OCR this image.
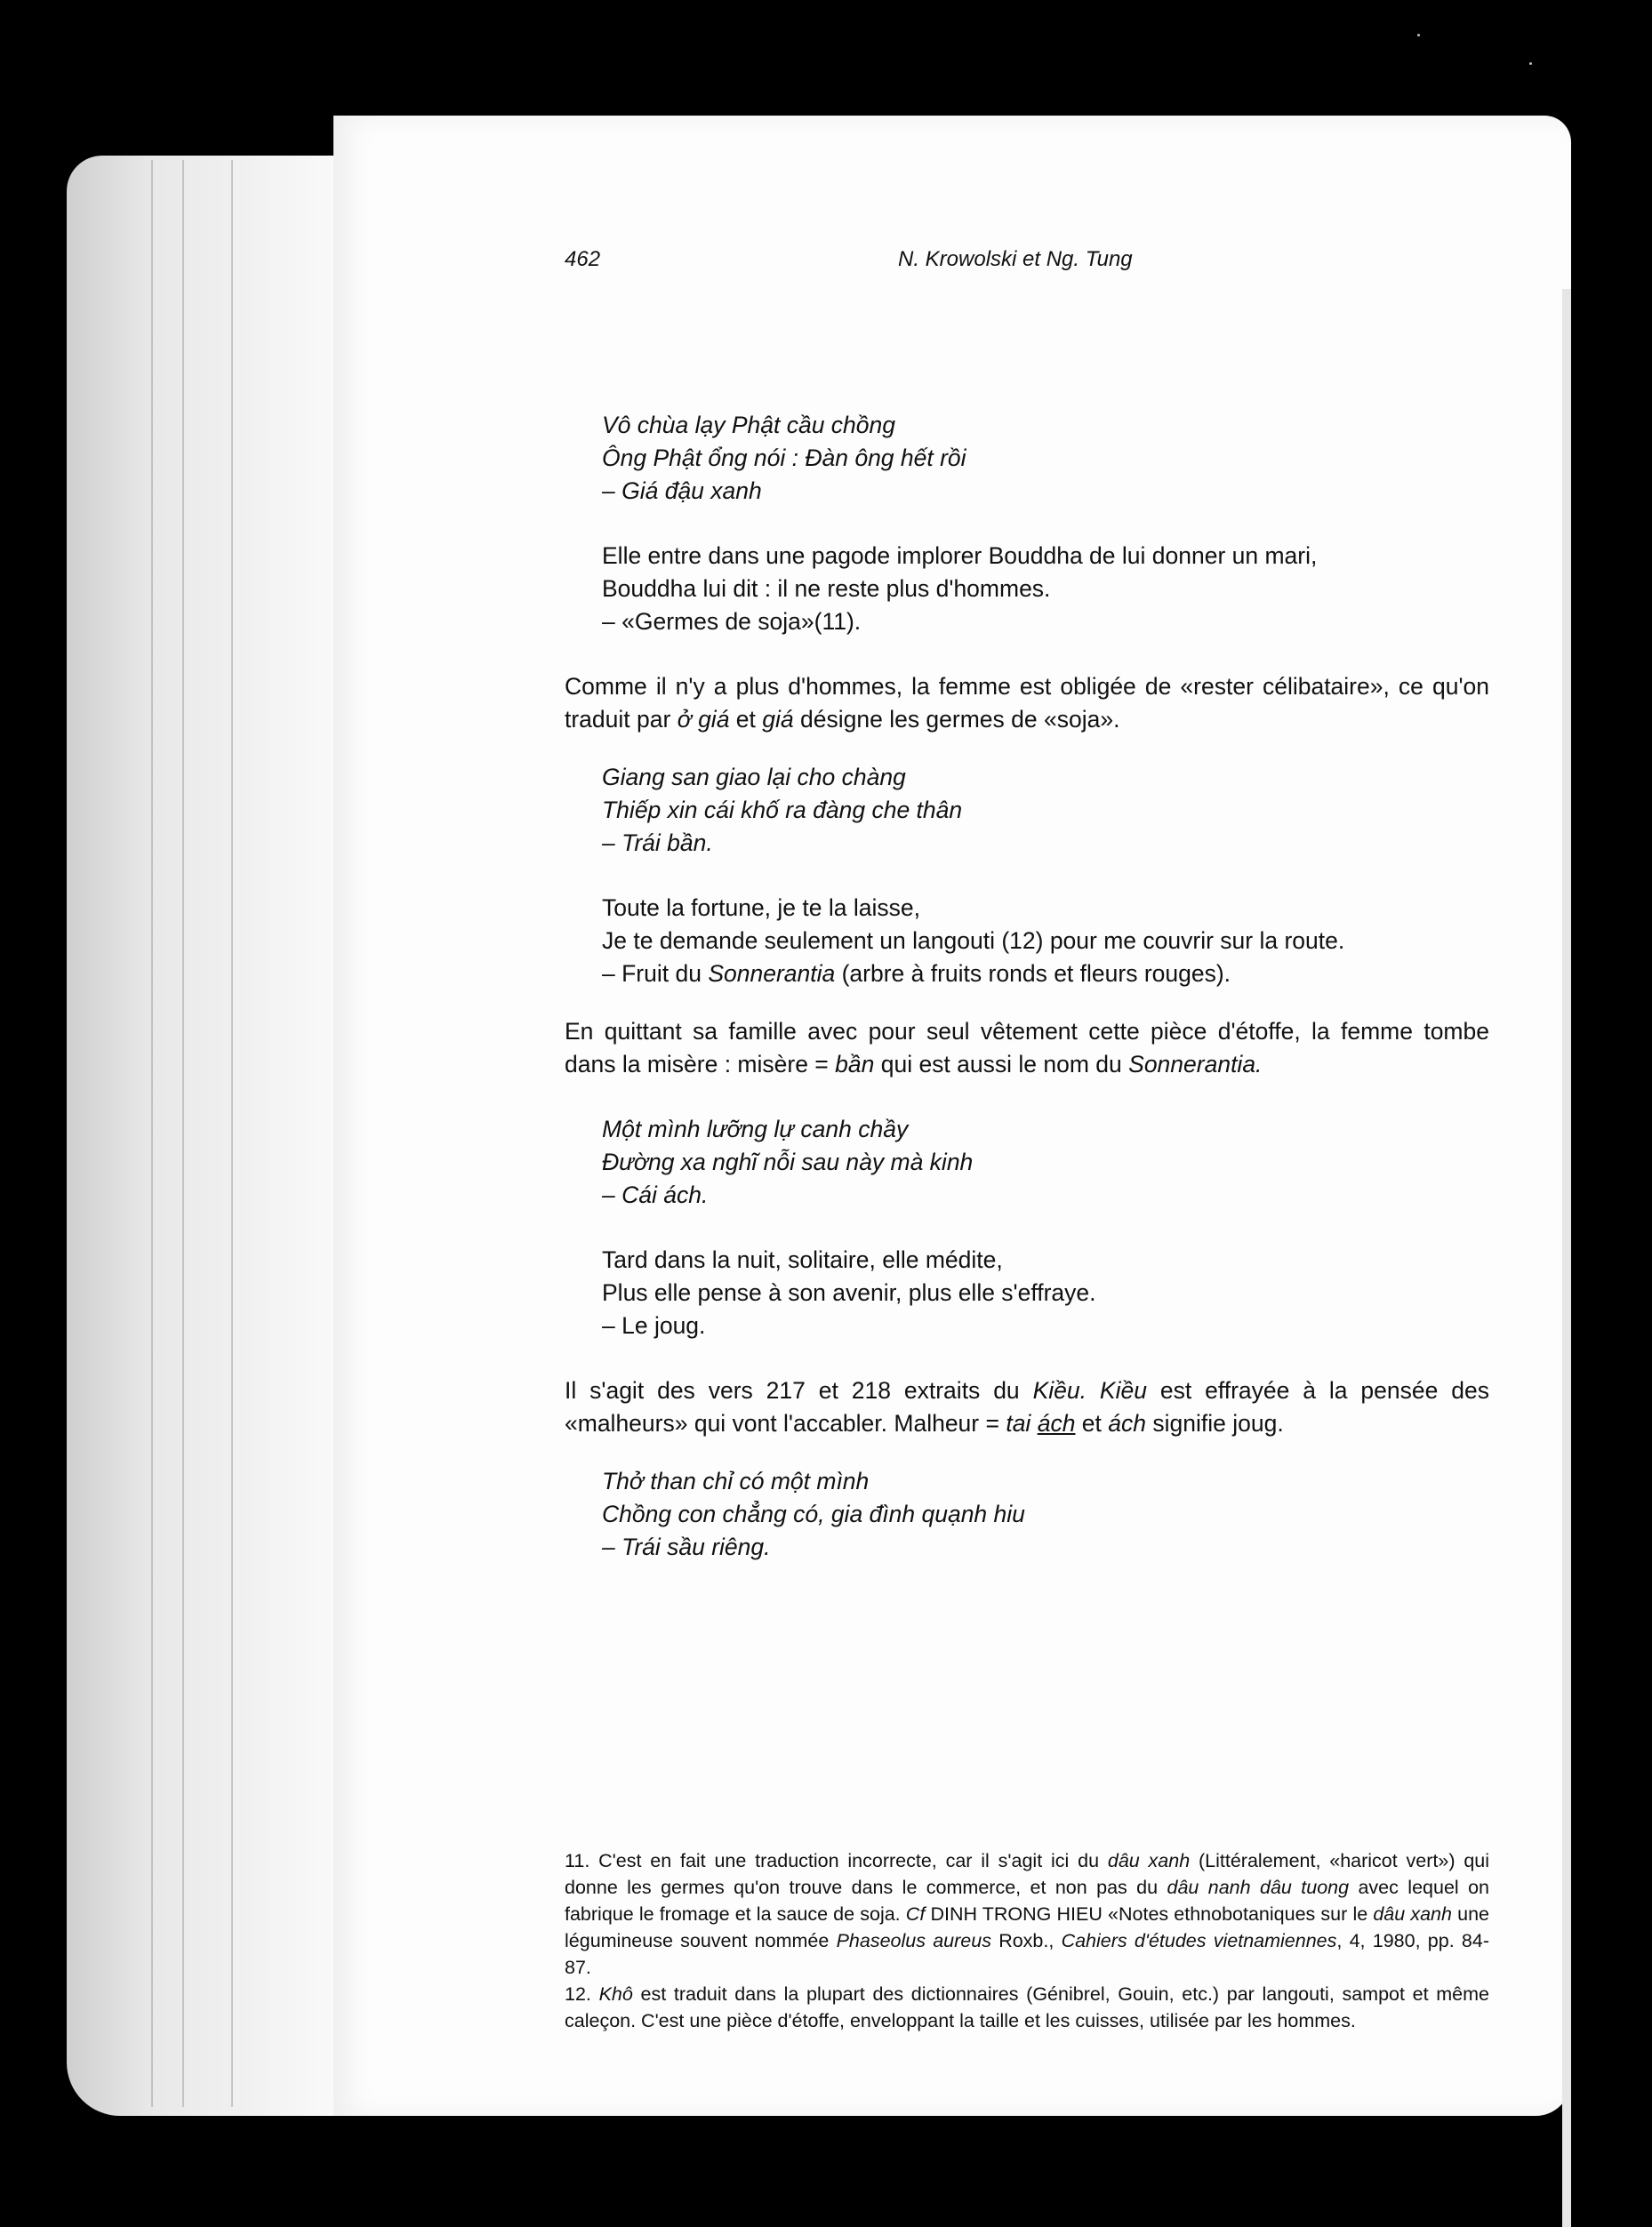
462	N. Krowolski et Ng. Tung
Vô chùa lạy Phật cầu chồng
Ông Phật ổng nói : Đàn ông hết rồi
– Giá đậu xanh
Elle entre dans une pagode implorer Bouddha de lui donner un mari,
Bouddha lui dit : il ne reste plus d'hommes.
– «Germes de soja»(11).
Comme il n'y a plus d'hommes, la femme est obligée de «rester célibataire», ce qu'on traduit par ở giá et giá désigne les germes de «soja».
Giang san giao lại cho chàng
Thiếp xin cái khố ra đàng che thân
– Trái bần.
Toute la fortune, je te la laisse,
Je te demande seulement un langouti (12) pour me couvrir sur la route.
– Fruit du Sonnerantia (arbre à fruits ronds et fleurs rouges).
En quittant sa famille avec pour seul vêtement cette pièce d'étoffe, la femme tombe dans la misère : misère = bần qui est aussi le nom du Sonnerantia.
Một mình lưỡng lự canh chầy
Đường xa nghĩ nỗi sau này mà kinh
– Cái ách.
Tard dans la nuit, solitaire, elle médite,
Plus elle pense à son avenir, plus elle s'effraye.
– Le joug.
Il s'agit des vers 217 et 218 extraits du Kiều. Kiều est effrayée à la pensée des «malheurs» qui vont l'accabler. Malheur = tai ách et ách signifie joug.
Thở than chỉ có một mình
Chồng con chẳng có, gia đình quạnh hiu
– Trái sầu riêng.
11. C'est en fait une traduction incorrecte, car il s'agit ici du dâu xanh (Littéralement, «haricot vert») qui donne les germes qu'on trouve dans le commerce, et non pas du dâu nanh dâu tuong avec lequel on fabrique le fromage et la sauce de soja. Cf DINH TRONG HIEU «Notes ethnobotaniques sur le dâu xanh une légumineuse souvent nommée Phaseolus aureus Roxb., Cahiers d'études vietnamiennes, 4, 1980, pp. 84-87.
12. Khô est traduit dans la plupart des dictionnaires (Génibrel, Gouin, etc.) par langouti, sampot et même caleçon. C'est une pièce d'étoffe, enveloppant la taille et les cuisses, utilisée par les hommes.
